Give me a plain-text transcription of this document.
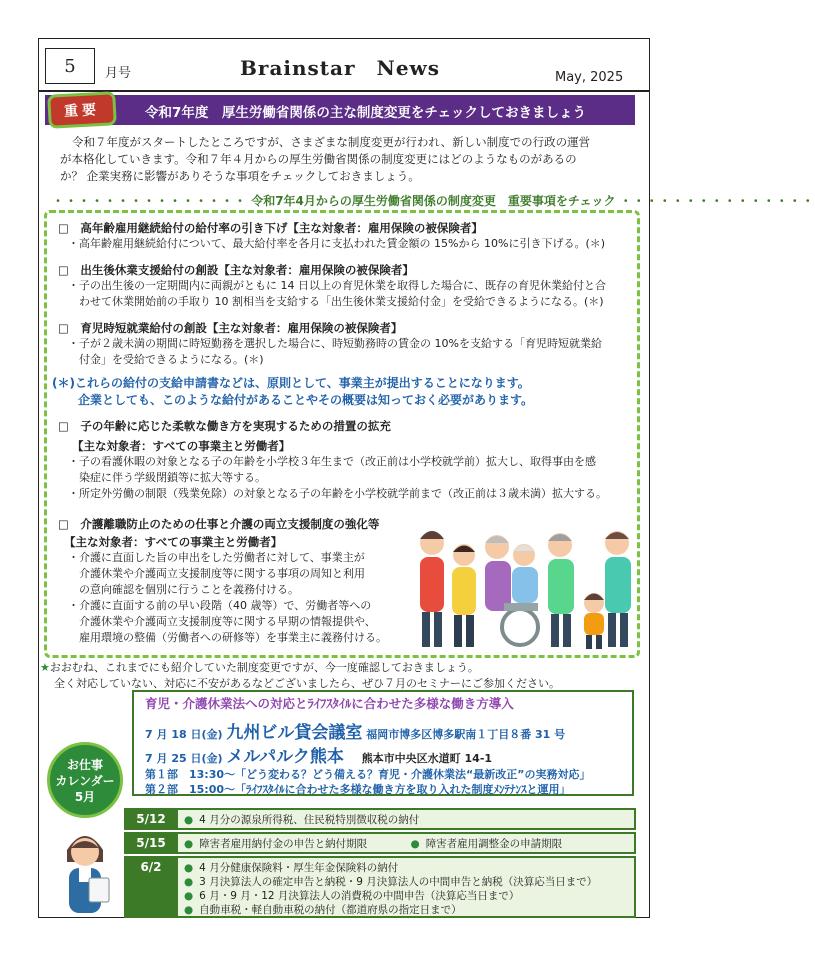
5	月号	Brainstar　News	May, 2025
重要	令和7年度　厚生労働省関係の主な制度変更をチェックしておきましょう
令和７年度がスタートしたところですが、さまざまな制度変更が行われ、新しい制度での行政の運営
が本格化していきます。令和７年４月からの厚生労働省関係の制度変更にはどのようなものがあるの
か？ 企業実務に影響がありそうな事項をチェックしておきましょう。
・・・・・・・・・・・・・・・ 令和7年4月からの厚生労働省関係の制度変更　重要事項をチェック ・・・・・・・・・・・・・・・
□　高年齢雇用継続給付の給付率の引き下げ【主な対象者：雇用保険の被保険者】
・高年齢雇用継続給付について、最大給付率を各月に支払われた賃金額の 15%から 10%に引き下げる。(＊)
□　出生後休業支援給付の創設【主な対象者：雇用保険の被保険者】
・子の出生後の一定期間内に両親がともに 14 日以上の育児休業を取得した場合に、既存の育児休業給付と合
　わせて休業開始前の手取り 10 割相当を支給する「出生後休業支援給付金」を受給できるようになる。(＊)
□　育児時短就業給付の創設【主な対象者：雇用保険の被保険者】
・子が２歳未満の期間に時短勤務を選択した場合に、時短勤務時の賃金の 10%を支給する「育児時短就業給
　付金」を受給できるようになる。(＊)
(＊)これらの給付の支給申請書などは、原則として、事業主が提出することになります。
企業としても、このような給付があることやその概要は知っておく必要があります。
□　子の年齢に応じた柔軟な働き方を実現するための措置の拡充
【主な対象者：すべての事業主と労働者】
・子の看護休暇の対象となる子の年齢を小学校３年生まで（改正前は小学校就学前）拡大し、取得事由を感
　染症に伴う学級閉鎖等に拡大等する。
・所定外労働の制限（残業免除）の対象となる子の年齢を小学校就学前まで（改正前は３歳未満）拡大する。
□　介護離職防止のための仕事と介護の両立支援制度の強化等
【主な対象者：すべての事業主と労働者】
・介護に直面した旨の申出をした労働者に対して、事業主が
　介護休業や介護両立支援制度等に関する事項の周知と利用
　の意向確認を個別に行うことを義務付ける。
・介護に直面する前の早い段階（40 歳等）で、労働者等への
　介護休業や介護両立支援制度等に関する早期の情報提供や、
　雇用環境の整備（労働者への研修等）を事業主に義務付ける。
★おおむね、これまでにも紹介していた制度変更ですが、今一度確認しておきましょう。
全く対応していない、対応に不安があるなどございましたら、ぜひ７月のセミナーにご参加ください。
育児・介護休業法への対応とﾗｲﾌｽﾀｲﾙに合わせた多様な働き方導入
7 月 18 日(金) 九州ビル貸会議室 福岡市博多区博多駅南１丁目８番 31 号
7 月 25 日(金) メルパルク熊本 熊本市中央区水道町 14-1
第１部　13:30～「どう変わる？どう備える？育児・介護休業法“最新改正”の実務対応」
第２部　15:00～「ﾗｲﾌｽﾀｲﾙに合わせた多様な働き方を取り入れた制度ﾒﾝﾃﾅﾝｽと運用」
お仕事
カレンダー
5月
5/12	● 4 月分の源泉所得税、住民税特別徴収税の納付
5/15	● 障害者雇用納付金の申告と納付期限	● 障害者雇用調整金の申請期限
6/2	● 4 月分健康保険料・厚生年金保険料の納付
● 3 月決算法人の確定申告と納税・9 月決算法人の中間申告と納税（決算応当日まで）
● 6 月・9 月・12 月決算法人の消費税の中間申告（決算応当日まで）
● 自動車税・軽自動車税の納付（都道府県の指定日まで）
